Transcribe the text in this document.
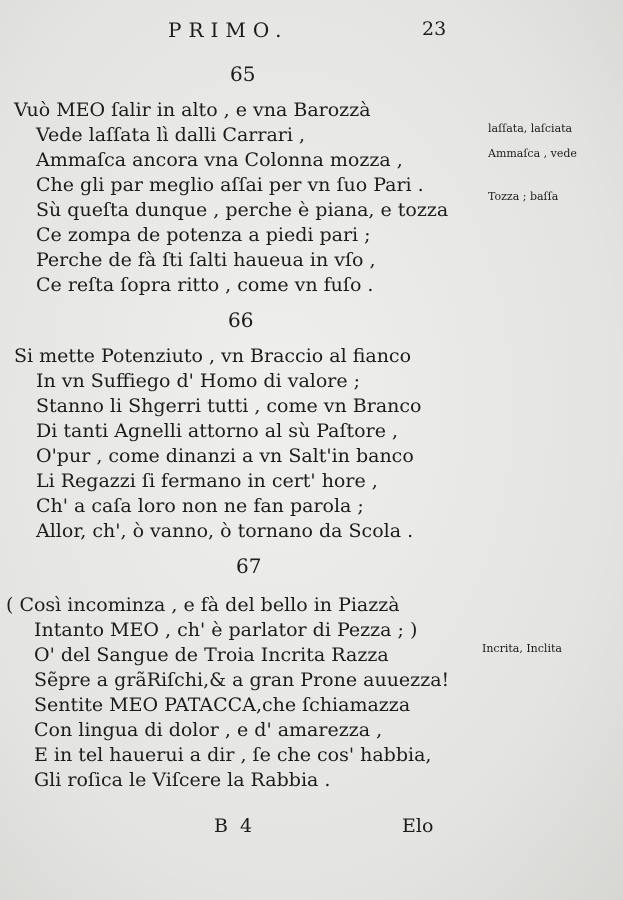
PRIMO.	23
65
Vuò MEO ſalir in alto , e vna Barozzà
Vede laſſata lì dalli Carrari ,
Ammaſca ancora vna Colonna mozza ,
Che gli par meglio aſſai per vn ſuo Pari .
Sù queſta dunque , perche è piana, e tozza
Ce zompa de potenza a piedi pari ;
Perche de fà ſti ſalti haueua in vſo ,
Ce reſta ſopra ritto , come vn fuſo .
66
Si mette Potenziuto , vn Braccio al fianco
In vn Suffiego d' Homo di valore ;
Stanno li Shgerri tutti , come vn Branco
Di tanti Agnelli attorno al sù Paſtore ,
O'pur , come dinanzi a vn Salt'in banco
Li Regazzi ſi fermano in cert' hore ,
Ch' a caſa loro non ne fan parola ;
Allor, ch', ò vanno, ò tornano da Scola .
67
( Così incominza , e fà del bello in Piazzà
Intanto MEO , ch' è parlator di Pezza ; )
O' del Sangue de Troia Incrita Razza
Sẽpre a grãRiſchi,& a gran Prone auuezza!
Sentite MEO PATACCA,che ſchiamazza
Con lingua di dolor , e d' amarezza ,
E in tel hauerui a dir , ſe che cos' habbia,
Gli roſica le Viſcere la Rabbia .
laſſata, laſciata
Ammaſca , vede
Tozza ; baſſa
Incrita, Inclita
B  4	Elo
